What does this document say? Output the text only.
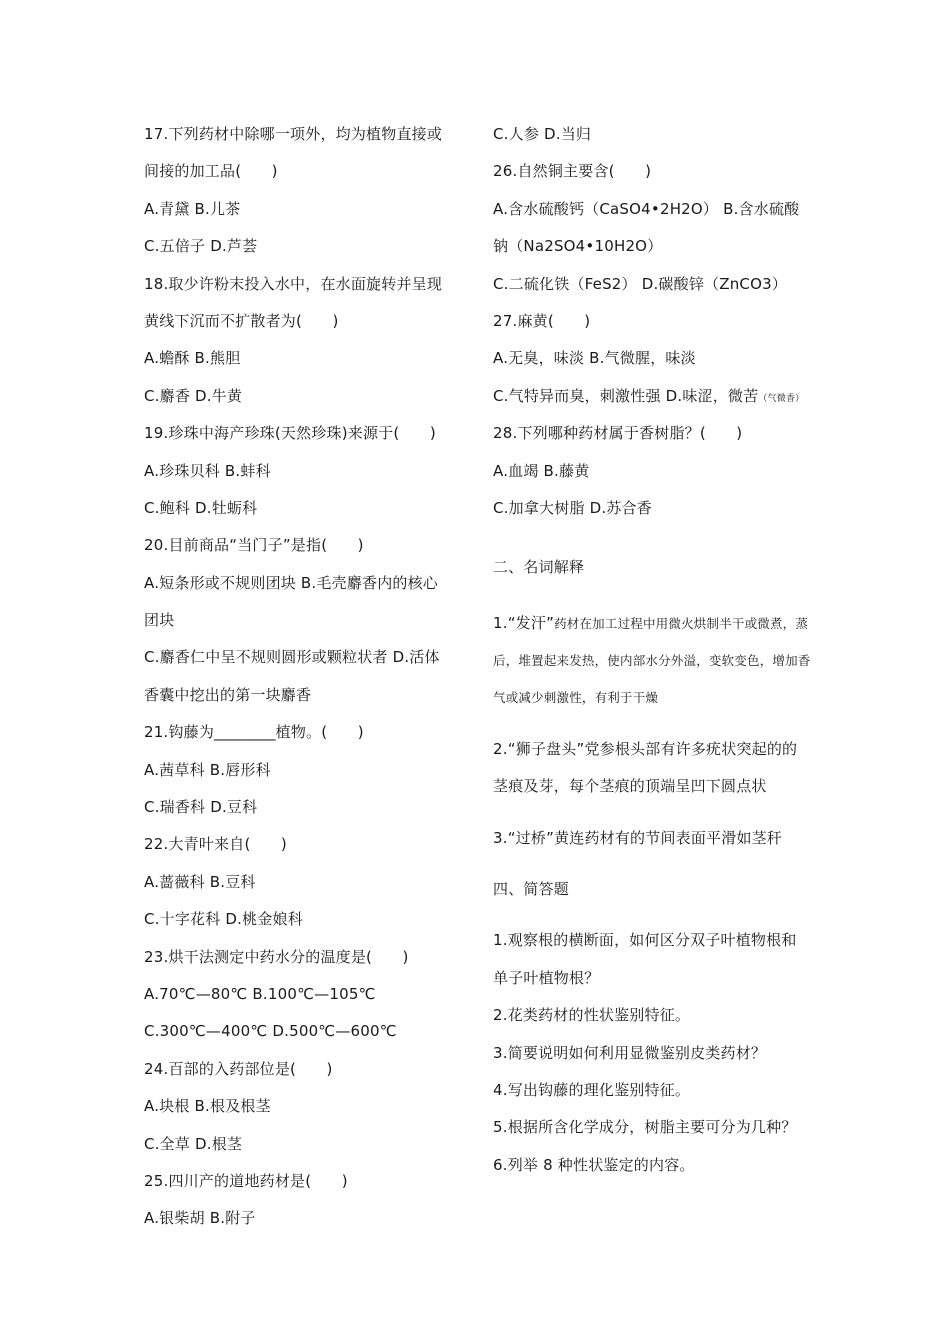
17.下列药材中除哪一项外，均为植物直接或
间接的加工品(　　)
A.青黛 B.儿茶
C.五倍子 D.芦荟
18.取少许粉末投入水中，在水面旋转并呈现
黄线下沉而不扩散者为(　　)
A.蟾酥 B.熊胆
C.麝香 D.牛黄
19.珍珠中海产珍珠(天然珍珠)来源于(　　)
A.珍珠贝科 B.蚌科
C.鲍科 D.牡蛎科
20.目前商品“当门子”是指(　　)
A.短条形或不规则团块 B.毛壳麝香内的核心
团块
C.麝香仁中呈不规则圆形或颗粒状者 D.活体
香囊中挖出的第一块麝香
21.钩藤为________植物。(　　)
A.茜草科 B.唇形科
C.瑞香科 D.豆科
22.大青叶来自(　　)
A.蔷薇科 B.豆科
C.十字花科 D.桃金娘科
23.烘干法测定中药水分的温度是(　　)
A.70℃—80℃ B.100℃—105℃
C.300℃—400℃ D.500℃—600℃
24.百部的入药部位是(　　)
A.块根 B.根及根茎
C.全草 D.根茎
25.四川产的道地药材是(　　)
A.银柴胡 B.附子
C.人参 D.当归
26.自然铜主要含(　　)
A.含水硫酸钙（CaSO4•2H2O） B.含水硫酸
钠（Na2SO4•10H2O）
C.二硫化铁（FeS2） D.碳酸锌（ZnCO3）
27.麻黄(　　)
A.无臭，味淡 B.气微腥，味淡
C.气特异而臭，刺激性强 D.味涩，微苦（气微香）
28.下列哪种药材属于香树脂？(　　)
A.血竭 B.藤黄
C.加拿大树脂 D.苏合香
二、名词解释
1.“发汗”药材在加工过程中用微火烘制半干或微煮，蒸
后，堆置起来发热，使内部水分外溢，变软变色，增加香
气或减少刺激性，有利于干燥
2.“狮子盘头”党参根头部有许多疣状突起的的
茎痕及芽，每个茎痕的顶端呈凹下圆点状
3.“过桥”黄连药材有的节间表面平滑如茎秆
四、简答题
1.观察根的横断面，如何区分双子叶植物根和
单子叶植物根？
2.花类药材的性状鉴别特征。
3.简要说明如何利用显微鉴别皮类药材？
4.写出钩藤的理化鉴别特征。
5.根据所含化学成分，树脂主要可分为几种？
6.列举 8 种性状鉴定的内容。
